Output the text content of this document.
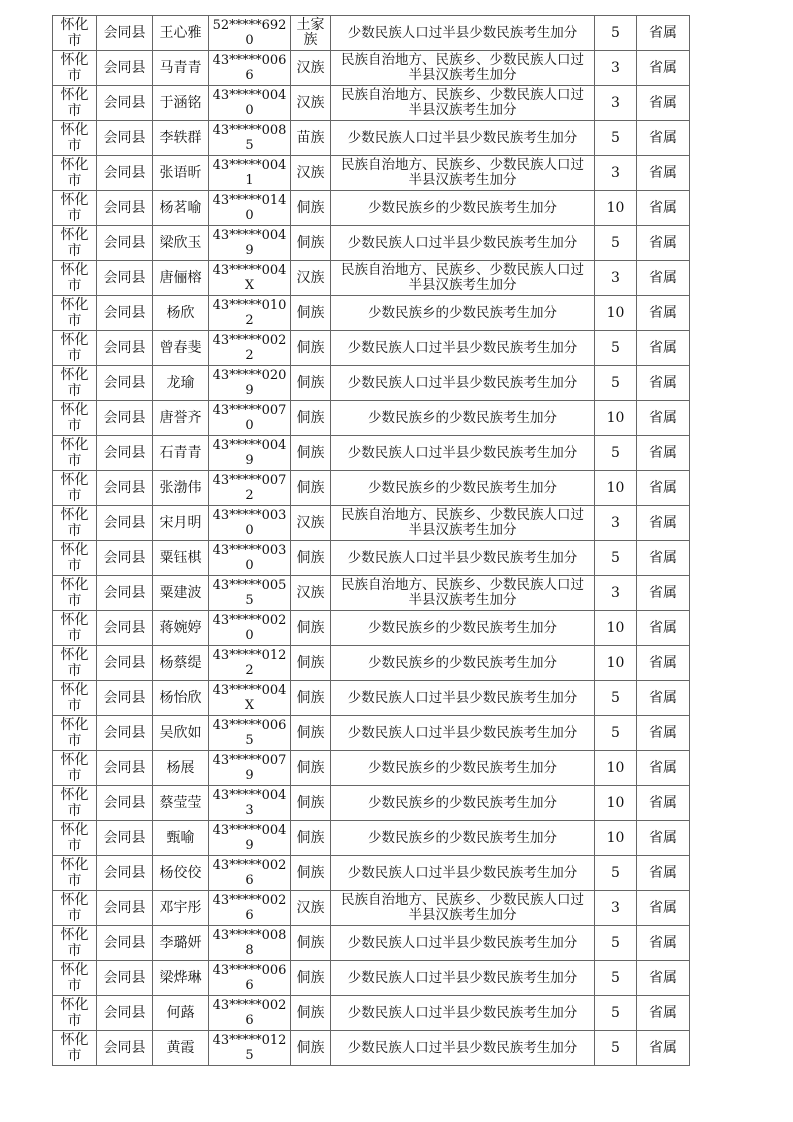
怀化市	会同县	王心雅	52*****6920	土家族	少数民族人口过半县少数民族考生加分	5	省属

怀化市	会同县	马青青	43*****0066	汉族	民族自治地方、民族乡、少数民族人口过半县汉族考生加分	3	省属

怀化市	会同县	于涵铭	43*****0040	汉族	民族自治地方、民族乡、少数民族人口过半县汉族考生加分	3	省属

怀化市	会同县	李轶群	43*****0085	苗族	少数民族人口过半县少数民族考生加分	5	省属

怀化市	会同县	张语昕	43*****0041	汉族	民族自治地方、民族乡、少数民族人口过半县汉族考生加分	3	省属

怀化市	会同县	杨茗喻	43*****0140	侗族	少数民族乡的少数民族考生加分	10	省属

怀化市	会同县	梁欣玉	43*****0049	侗族	少数民族人口过半县少数民族考生加分	5	省属

怀化市	会同县	唐俪榕	43*****004X	汉族	民族自治地方、民族乡、少数民族人口过半县汉族考生加分	3	省属

怀化市	会同县	杨欣	43*****0102	侗族	少数民族乡的少数民族考生加分	10	省属

怀化市	会同县	曾春斐	43*****0022	侗族	少数民族人口过半县少数民族考生加分	5	省属

怀化市	会同县	龙瑜	43*****0209	侗族	少数民族人口过半县少数民族考生加分	5	省属

怀化市	会同县	唐誉齐	43*****0070	侗族	少数民族乡的少数民族考生加分	10	省属

怀化市	会同县	石青青	43*****0049	侗族	少数民族人口过半县少数民族考生加分	5	省属

怀化市	会同县	张渤伟	43*****0072	侗族	少数民族乡的少数民族考生加分	10	省属

怀化市	会同县	宋月明	43*****0030	汉族	民族自治地方、民族乡、少数民族人口过半县汉族考生加分	3	省属

怀化市	会同县	粟钰棋	43*****0030	侗族	少数民族人口过半县少数民族考生加分	5	省属

怀化市	会同县	粟建波	43*****0055	汉族	民族自治地方、民族乡、少数民族人口过半县汉族考生加分	3	省属

怀化市	会同县	蒋婉婷	43*****0020	侗族	少数民族乡的少数民族考生加分	10	省属

怀化市	会同县	杨蔡缇	43*****0122	侗族	少数民族乡的少数民族考生加分	10	省属

怀化市	会同县	杨怡欣	43*****004X	侗族	少数民族人口过半县少数民族考生加分	5	省属

怀化市	会同县	吴欣如	43*****0065	侗族	少数民族人口过半县少数民族考生加分	5	省属

怀化市	会同县	杨展	43*****0079	侗族	少数民族乡的少数民族考生加分	10	省属

怀化市	会同县	蔡莹莹	43*****0043	侗族	少数民族乡的少数民族考生加分	10	省属

怀化市	会同县	甄喻	43*****0049	侗族	少数民族乡的少数民族考生加分	10	省属

怀化市	会同县	杨佼佼	43*****0026	侗族	少数民族人口过半县少数民族考生加分	5	省属

怀化市	会同县	邓宇彤	43*****0026	汉族	民族自治地方、民族乡、少数民族人口过半县汉族考生加分	3	省属

怀化市	会同县	李璐妍	43*****0088	侗族	少数民族人口过半县少数民族考生加分	5	省属

怀化市	会同县	梁烨琳	43*****0066	侗族	少数民族人口过半县少数民族考生加分	5	省属

怀化市	会同县	何蕗	43*****0026	侗族	少数民族人口过半县少数民族考生加分	5	省属

怀化市	会同县	黄霞	43*****0125	侗族	少数民族人口过半县少数民族考生加分	5	省属
